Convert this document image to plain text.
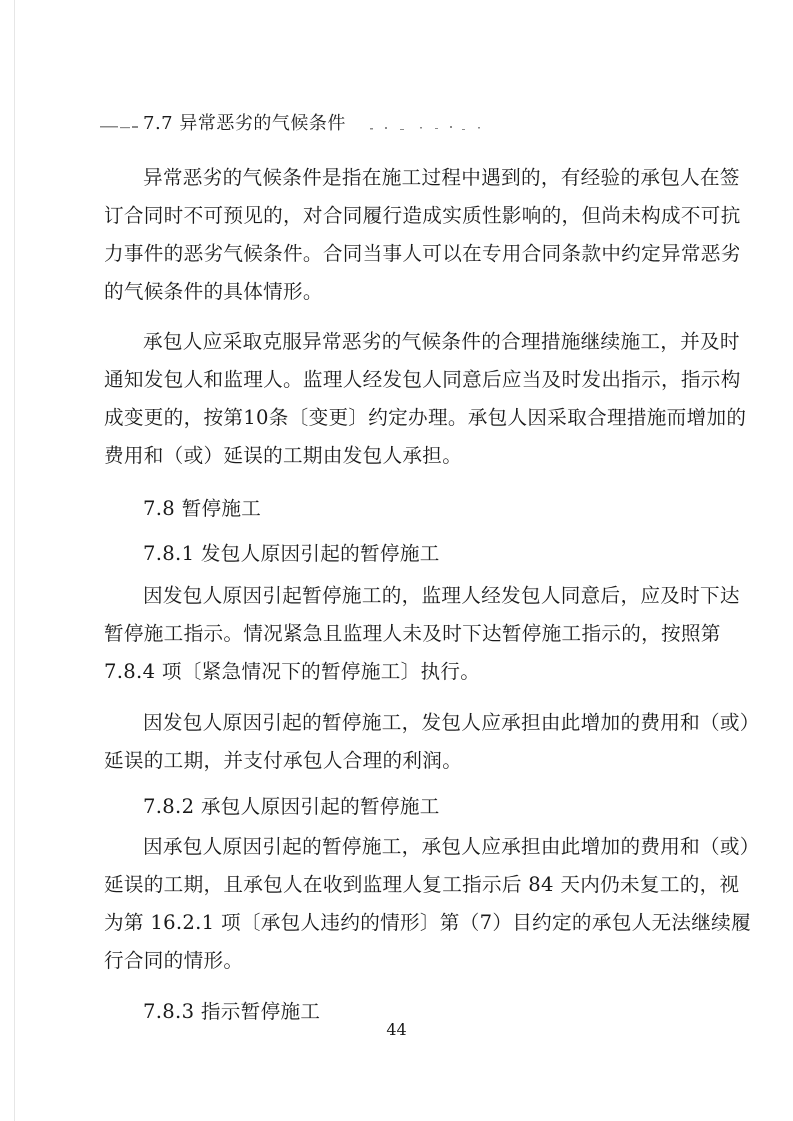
7.7 异常恶劣的气候条件
异常恶劣的气候条件是指在施工过程中遇到的，有经验的承包人在签
订合同时不可预见的，对合同履行造成实质性影响的，但尚未构成不可抗
力事件的恶劣气候条件。合同当事人可以在专用合同条款中约定异常恶劣
的气候条件的具体情形。
承包人应采取克服异常恶劣的气候条件的合理措施继续施工，并及时
通知发包人和监理人。监理人经发包人同意后应当及时发出指示，指示构
成变更的，按第10条〔变更〕约定办理。承包人因采取合理措施而增加的
费用和（或）延误的工期由发包人承担。
7.8 暂停施工
7.8.1 发包人原因引起的暂停施工
因发包人原因引起暂停施工的，监理人经发包人同意后，应及时下达
暂停施工指示。情况紧急且监理人未及时下达暂停施工指示的，按照第
7.8.4 项〔紧急情况下的暂停施工〕执行。
因发包人原因引起的暂停施工，发包人应承担由此增加的费用和（或）
延误的工期，并支付承包人合理的利润。
7.8.2 承包人原因引起的暂停施工
因承包人原因引起的暂停施工，承包人应承担由此增加的费用和（或）
延误的工期，且承包人在收到监理人复工指示后 84 天内仍未复工的，视
为第 16.2.1 项〔承包人违约的情形〕第（7）目约定的承包人无法继续履
行合同的情形。
7.8.3 指示暂停施工
44
